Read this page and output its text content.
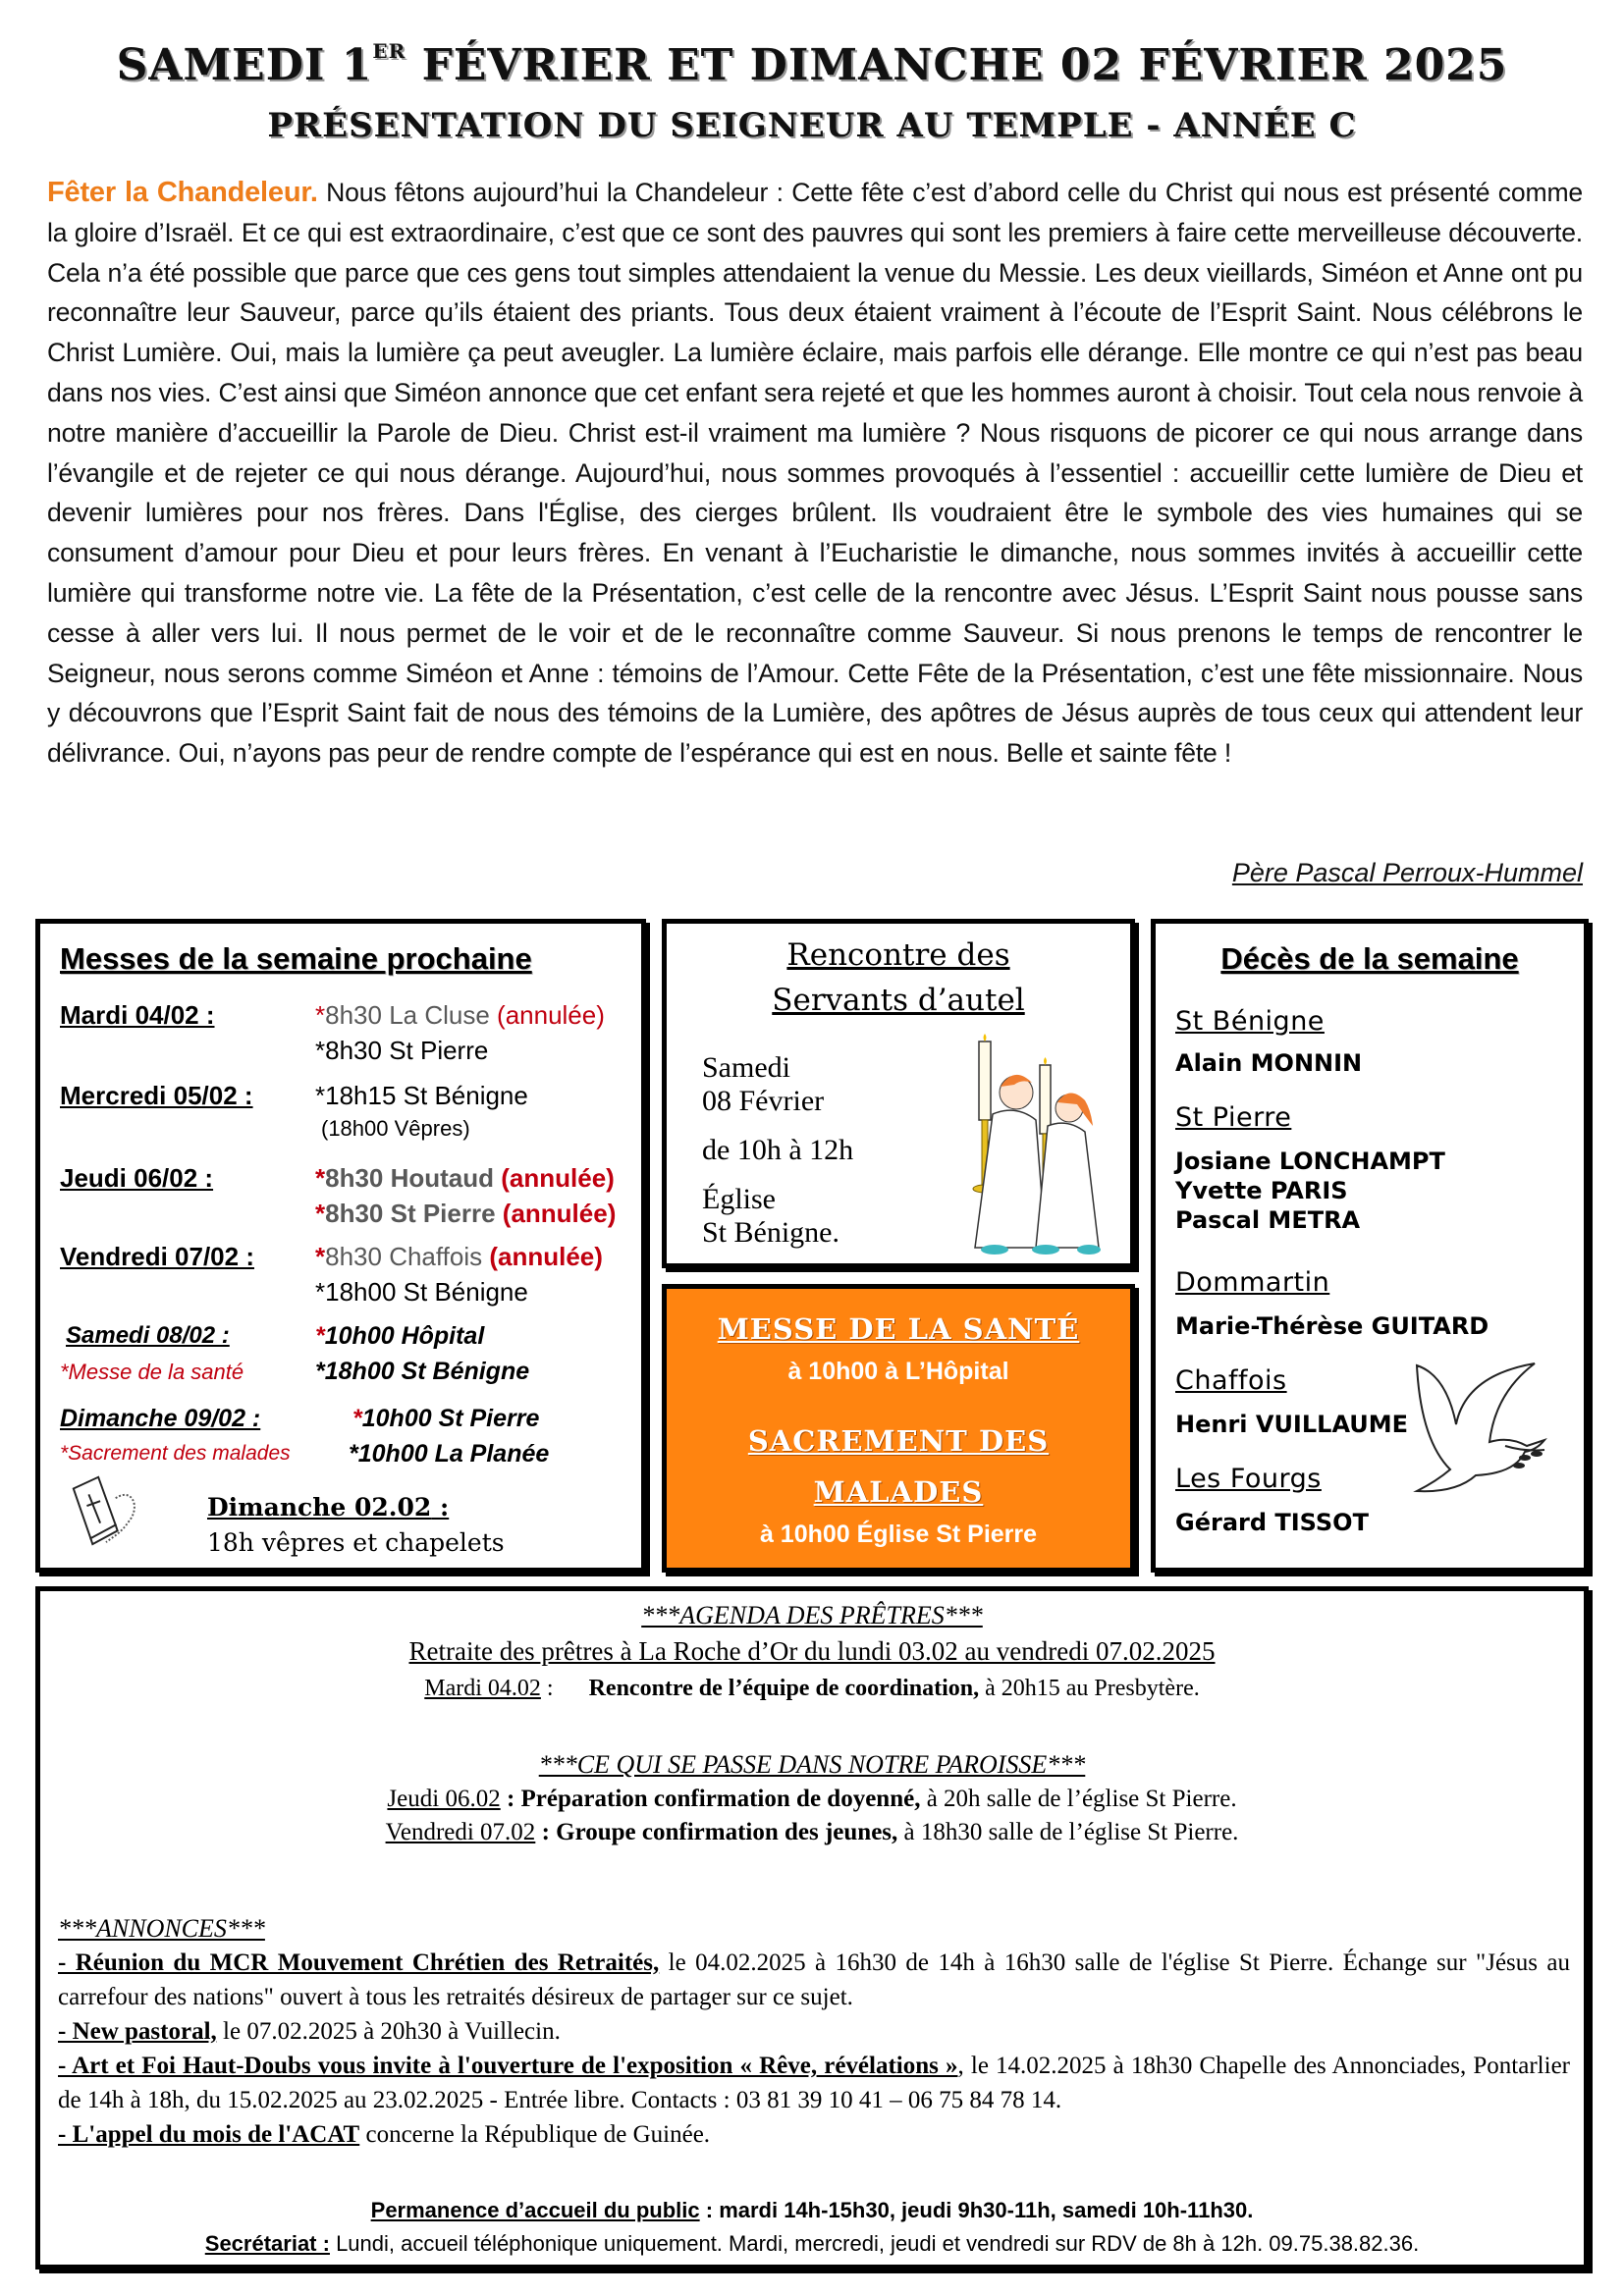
SAMEDI 1ER FÉVRIER ET DIMANCHE 02 FÉVRIER 2025
PRÉSENTATION DU SEIGNEUR AU TEMPLE - ANNÉE C
Fêter la Chandeleur. Nous fêtons aujourd’hui la Chandeleur : Cette fête c’est d’abord celle du Christ qui nous est présenté comme la gloire d’Israël. Et ce qui est extraordinaire, c’est que ce sont des pauvres qui sont les premiers à faire cette merveilleuse découverte. Cela n’a été possible que parce que ces gens tout simples attendaient la venue du Messie. Les deux vieillards, Siméon et Anne ont pu reconnaître leur Sauveur, parce qu’ils étaient des priants. Tous deux étaient vraiment à l’écoute de l’Esprit Saint. Nous célébrons le Christ Lumière. Oui, mais la lumière ça peut aveugler. La lumière éclaire, mais parfois elle dérange. Elle montre ce qui n’est pas beau dans nos vies. C’est ainsi que Siméon annonce que cet enfant sera rejeté et que les hommes auront à choisir. Tout cela nous renvoie à notre manière d’accueillir la Parole de Dieu. Christ est-il vraiment ma lumière ? Nous risquons de picorer ce qui nous arrange dans l’évangile et de rejeter ce qui nous dérange. Aujourd’hui, nous sommes provoqués à l’essentiel : accueillir cette lumière de Dieu et devenir lumières pour nos frères. Dans l'Église, des cierges brûlent. Ils voudraient être le symbole des vies humaines qui se consument d’amour pour Dieu et pour leurs frères. En venant à l’Eucharistie le dimanche, nous sommes invités à accueillir cette lumière qui transforme notre vie. La fête de la Présentation, c’est celle de la rencontre avec Jésus. L’Esprit Saint nous pousse sans cesse à aller vers lui. Il nous permet de le voir et de le reconnaître comme Sauveur. Si nous prenons le temps de rencontrer le Seigneur, nous serons comme Siméon et Anne : témoins de l’Amour. Cette Fête de la Présentation, c’est une fête missionnaire. Nous y découvrons que l’Esprit Saint fait de nous des témoins de la Lumière, des apôtres de Jésus auprès de tous ceux qui attendent leur délivrance. Oui, n’ayons pas peur de rendre compte de l’espérance qui est en nous. Belle et sainte fête !
Père Pascal Perroux-Hummel
Messes de la semaine prochaine
Mardi 04/02 :	*8h30 La Cluse (annulée)
*8h30 St Pierre
Mercredi 05/02 : *18h15 St Bénigne
(18h00 Vêpres)
Jeudi 06/02 :	*8h30 Houtaud (annulée)
*8h30 St Pierre (annulée)
Vendredi 07/02 : *8h30 Chaffois (annulée)
*18h00 St Bénigne
Samedi 08/02 :	*10h00 Hôpital
*Messe de la santé	*18h00 St Bénigne
Dimanche 09/02 :	*10h00 St Pierre
*Sacrement des malades *10h00 La Planée
Dimanche 02.02 :
18h vêpres et chapelets
Rencontre des
Servants d’autel
Samedi
08 Février
de 10h à 12h
Église
St Bénigne.
MESSE DE LA SANTÉ
à 10h00 à L’Hôpital
SACREMENT DES
MALADES
à 10h00 Église St Pierre
Décès de la semaine
St Bénigne
Alain MONNIN
St Pierre
Josiane LONCHAMPT
Yvette PARIS
Pascal METRA
Dommartin
Marie-Thérèse GUITARD
Chaffois
Henri VUILLAUME
Les Fourgs
Gérard TISSOT
***AGENDA DES PRÊTRES***
Retraite des prêtres à La Roche d’Or du lundi 03.02 au vendredi 07.02.2025
Mardi 04.02 : Rencontre de l’équipe de coordination, à 20h15 au Presbytère.
***CE QUI SE PASSE DANS NOTRE PAROISSE***
Jeudi 06.02 : Préparation confirmation de doyenné, à 20h salle de l’église St Pierre.
Vendredi 07.02 : Groupe confirmation des jeunes, à 18h30 salle de l’église St Pierre.
***ANNONCES***
- Réunion du MCR Mouvement Chrétien des Retraités, le 04.02.2025 à 16h30 de 14h à 16h30 salle de l'église St Pierre. Échange sur "Jésus au carrefour des nations" ouvert à tous les retraités désireux de partager sur ce sujet.
- New pastoral, le 07.02.2025 à 20h30 à Vuillecin.
- Art et Foi Haut-Doubs vous invite à l'ouverture de l'exposition « Rêve, révélations », le 14.02.2025 à 18h30 Chapelle des Annonciades, Pontarlier de 14h à 18h, du 15.02.2025 au 23.02.2025 - Entrée libre. Contacts : 03 81 39 10 41 – 06 75 84 78 14.
- L'appel du mois de l'ACAT concerne la République de Guinée.
Permanence d’accueil du public : mardi 14h-15h30, jeudi 9h30-11h, samedi 10h-11h30.
Secrétariat : Lundi, accueil téléphonique uniquement. Mardi, mercredi, jeudi et vendredi sur RDV de 8h à 12h. 09.75.38.82.36.
